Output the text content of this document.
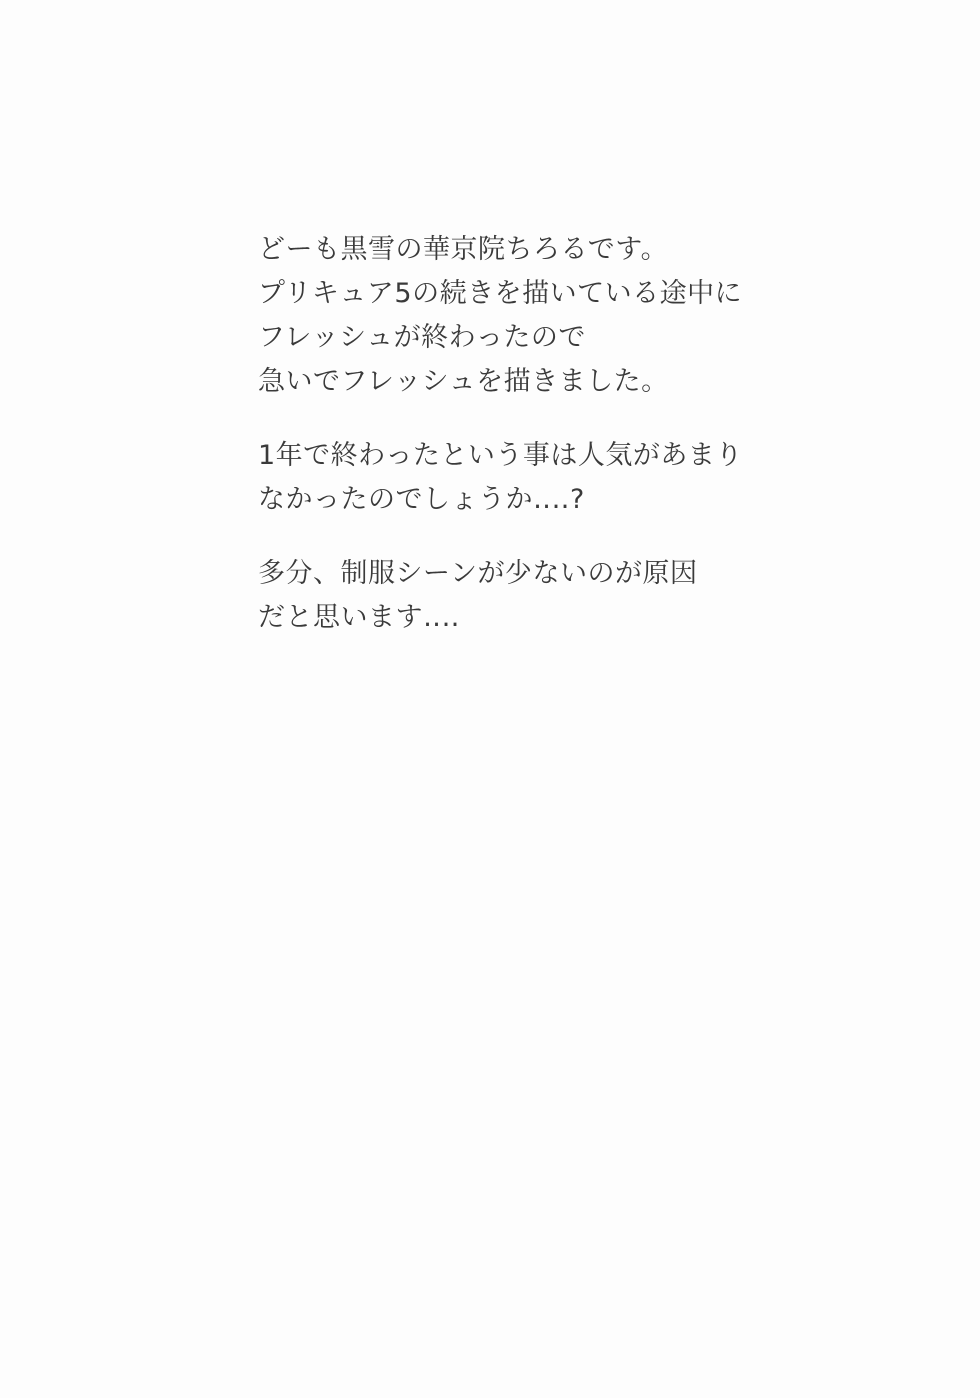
どーも黒雪の華京院ちろるです。
プリキュア5の続きを描いている途中に
フレッシュが終わったので
急いでフレッシュを描きました。

1年で終わったという事は人気があまり
なかったのでしょうか‥‥?

多分、制服シーンが少ないのが原因
だと思います‥‥
